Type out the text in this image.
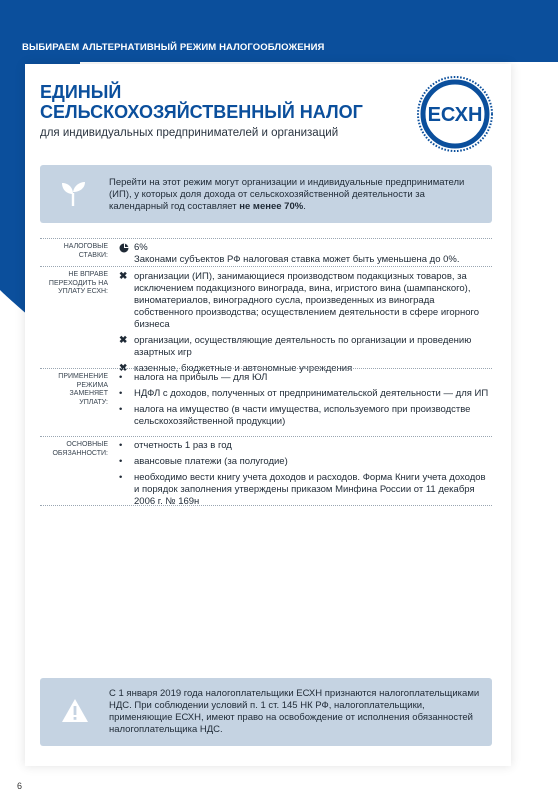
ВЫБИРАЕМ АЛЬТЕРНАТИВНЫЙ РЕЖИМ НАЛОГООБЛОЖЕНИЯ
ЕДИНЫЙ
СЕЛЬСКОХОЗЯЙСТВЕННЫЙ НАЛОГ
для индивидуальных предпринимателей и организаций
ЕСХН
Перейти на этот режим могут организации и индивидуальные предприниматели (ИП), у которых доля дохода от сельскохозяйственной деятельности за календарный год составляет не менее 70%.
НАЛОГОВЫЕ СТАВКИ:
6%
Законами субъектов РФ налоговая ставка может быть уменьшена до 0%.
НЕ ВПРАВЕ ПЕРЕХОДИТЬ НА УПЛАТУ ЕСХН:
✖ организации (ИП), занимающиеся производством подакцизных товаров, за исключением подакцизного винограда, вина, игристого вина (шампанского), виноматериалов, виноградного сусла, произведенных из винограда собственного производства; осуществлением деятельности в сфере игорного бизнеса
✖ организации, осуществляющие деятельность по организации и проведению азартных игр
✖ казенные, бюджетные и автономные учреждения
ПРИМЕНЕНИЕ РЕЖИМА ЗАМЕНЯЕТ УПЛАТУ:
•	налога на прибыль — для ЮЛ
•	НДФЛ с доходов, полученных от предпринимательской деятельности — для ИП
•	налога на имущество (в части имущества, используемого при производстве сельскохозяйственной продукции)
ОСНОВНЫЕ ОБЯЗАННОСТИ:
•	отчетность 1 раз в год
•	авансовые платежи (за полугодие)
•	необходимо вести книгу учета доходов и расходов. Форма Книги учета доходов и порядок заполнения утверждены приказом Минфина России от 11 декабря 2006 г. № 169н
С 1 января 2019 года налогоплательщики ЕСХН признаются налогоплательщиками НДС. При соблюдении условий п. 1 ст. 145 НК РФ, налогоплательщики, применяющие ЕСХН, имеют право на освобождение от исполнения обязанностей налогоплательщика НДС.
6
